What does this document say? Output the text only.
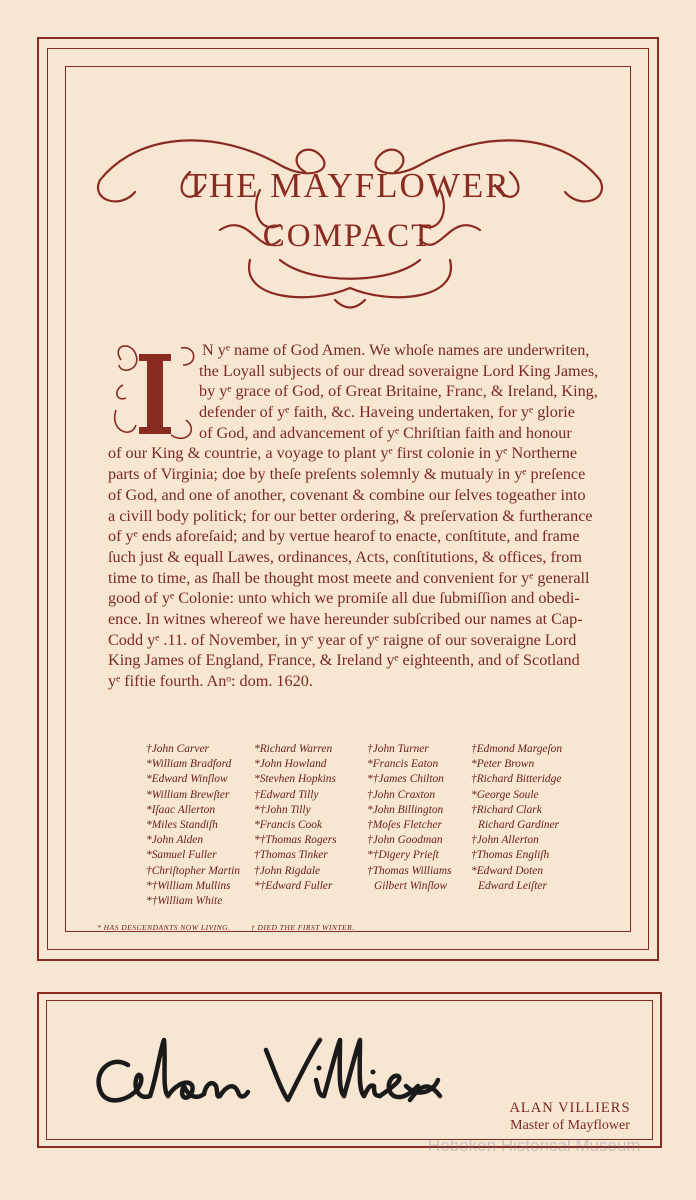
THE MAYFLOWER
COMPACT
N yᵉ name of God Amen. We whoſe names are underwriten,
the Loyall subjects of our dread soveraigne Lord King James,
by yᵉ grace of God, of Great Britaine, Franc, & Ireland, King,
defender of yᵉ faith, &c. Haveing undertaken, for yᵉ glorie
of God, and advancement of yᵉ Chriſtian faith and honour
of our King & countrie, a voyage to plant yᵉ first colonie in yᵉ Northerne
parts of Virginia; doe by theſe preſents solemnly & mutualy in yᵉ preſence
of God, and one of another, covenant & combine our ſelves togeather into
a civill body politick; for our better ordering, & preſervation & furtherance
of yᵉ ends aforeſaid; and by vertue hearof to enacte, conſtitute, and frame
ſuch just & equall Lawes, ordinances, Acts, conſtitutions, & offices, from
time to time, as ſhall be thought most meete and convenient for yᵉ generall
good of yᵉ Colonie: unto which we promiſe all due ſubmiſſion and obedi-
ence. In witnes whereof we have hereunder subſcribed our names at Cap-
Codd yᵉ .11. of November, in yᵉ year of yᵉ raigne of our soveraigne Lord
King James of England, France, & Ireland yᵉ eighteenth, and of Scotland
yᵉ fiftie fourth. Anᵒ: dom. 1620.
†John Carver
*William Bradford
*Edward Winſlow
*William Brewſter
*Iſaac Allerton
*Miles Standiſh
*John Alden
*Samuel Fuller
†Chriſtopher Martin
*†William Mullins
*†William White
*Richard Warren
*John Howland
*Stevhen Hopkins
†Edward Tilly
*†John Tilly
*Francis Cook
*†Thomas Rogers
†Thomas Tinker
†John Rigdale
*†Edward Fuller
†John Turner
*Francis Eaton
*†James Chilton
†John Craxton
*John Billington
†Moſes Fletcher
†John Goodman
*†Digery Prieſt
†Thomas Williams
Gilbert Winſlow
†Edmond Margeſon
*Peter Brown
†Richard Bitteridge
*George Soule
†Richard Clark
Richard Gardiner
†John Allerton
†Thomas Engliſh
*Edward Doten
Edward Leiſter
* HAS DESCENDANTS NOW LIVING.	† DIED THE FIRST WINTER.
ALAN VILLIERS
Master of Mayflower
Hoboken Historical Museum
